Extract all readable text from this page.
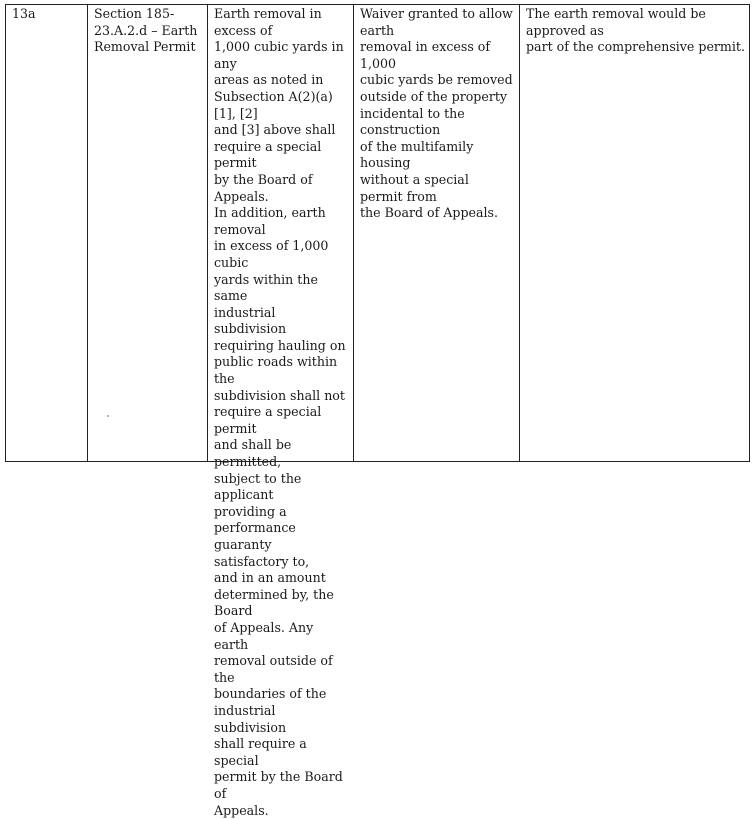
13a	Section 185-
23.A.2.d – Earth
Removal Permit
Earth removal in excess of
1,000 cubic yards in any
areas as noted in
Subsection A(2)(a)[1], [2]
and [3] above shall
require a special permit
by the Board of Appeals.
In addition, earth removal
in excess of 1,000 cubic
yards within the same
industrial subdivision
requiring hauling on
public roads within the
subdivision shall not
require a special permit
and shall be permitted,
subject to the applicant
providing a performance
guaranty satisfactory to,
and in an amount
determined by, the Board
of Appeals. Any earth
removal outside of the
boundaries of the
industrial subdivision
shall require a special
permit by the Board of
Appeals.
Waiver granted to allow earth
removal in excess of 1,000
cubic yards be removed
outside of the property
incidental to the construction
of the multifamily housing
without a special permit from
the Board of Appeals.
The earth removal would be approved as
part of the comprehensive permit.
